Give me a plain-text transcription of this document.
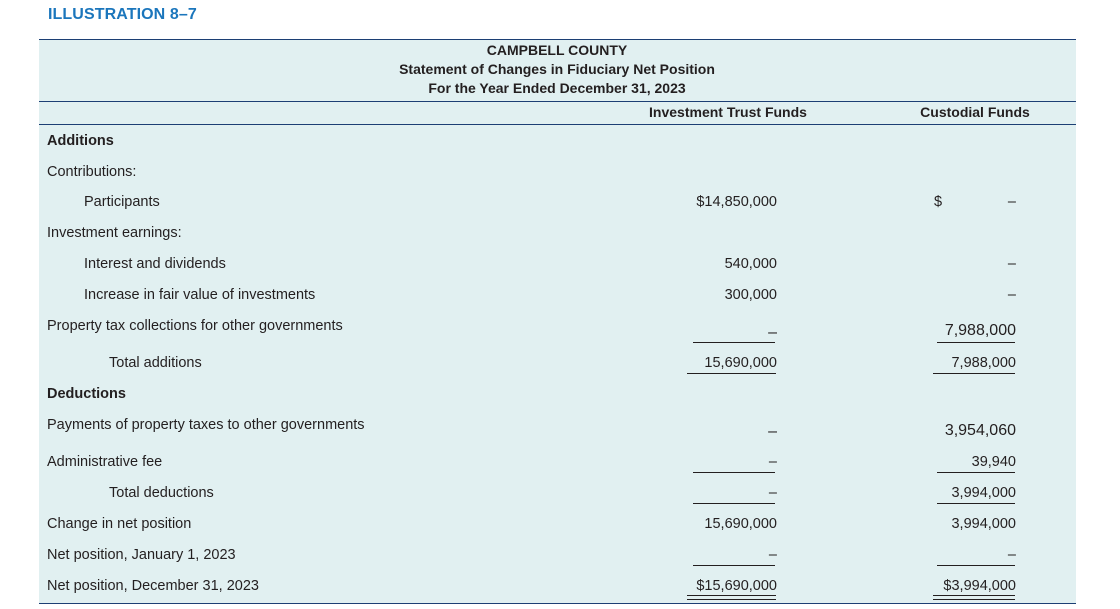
ILLUSTRATION 8–7
CAMPBELL COUNTY
Statement of Changes in Fiduciary Net Position
For the Year Ended December 31, 2023
Investment Trust Funds	Custodial Funds
Additions
Contributions:
Participants	$14,850,000	$	–
Investment earnings:
Interest and dividends	540,000	–
Increase in fair value of investments	300,000	–
Property tax collections for other governments	–	7,988,000
Total additions	15,690,000	7,988,000
Deductions
Payments of property taxes to other governments	–	3,954,060
Administrative fee	–	39,940
Total deductions	–	3,994,000
Change in net position	15,690,000	3,994,000
Net position, January 1, 2023	–	–
Net position, December 31, 2023	$15,690,000	$3,994,000
